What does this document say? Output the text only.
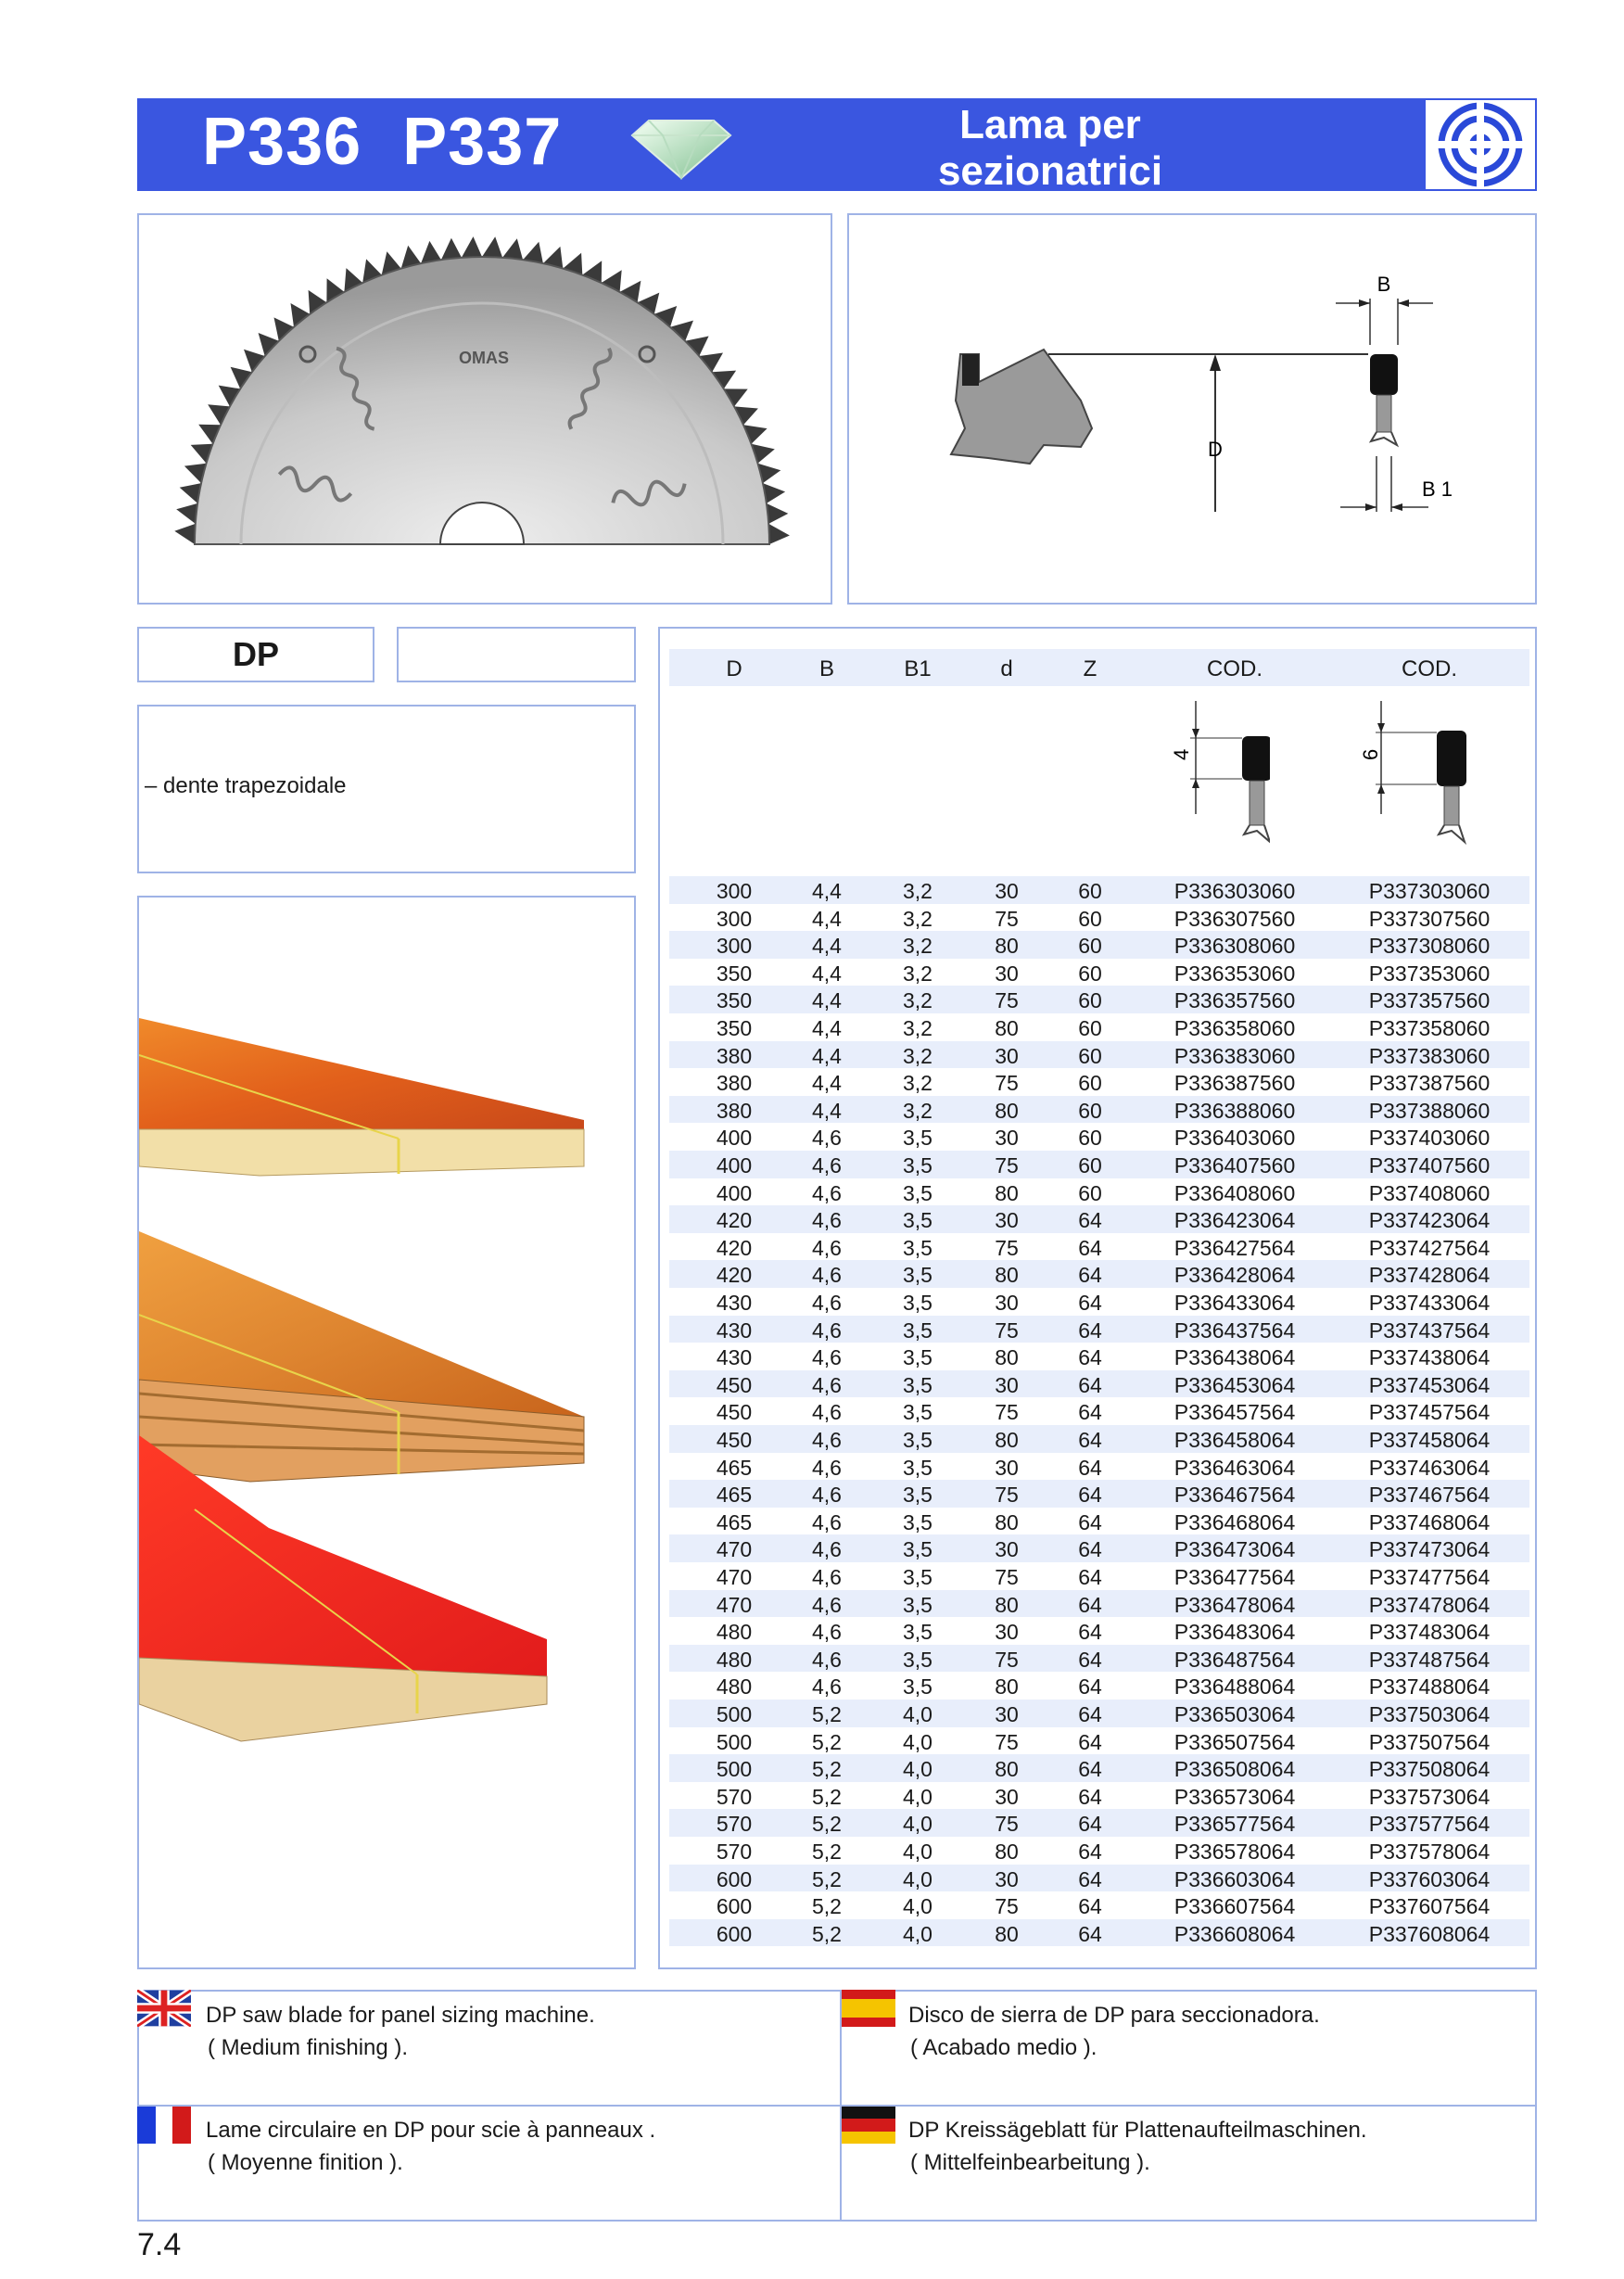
P336 P337	Lama per sezionatrici
OMAS
D
B
B 1
DP
– dente trapezoidale
D	B	B1	d	Z	COD.	COD.
4	6
300	4,4	3,2	30	60	P336303060	P337303060
300	4,4	3,2	75	60	P336307560	P337307560
300	4,4	3,2	80	60	P336308060	P337308060
350	4,4	3,2	30	60	P336353060	P337353060
350	4,4	3,2	75	60	P336357560	P337357560
350	4,4	3,2	80	60	P336358060	P337358060
380	4,4	3,2	30	60	P336383060	P337383060
380	4,4	3,2	75	60	P336387560	P337387560
380	4,4	3,2	80	60	P336388060	P337388060
400	4,6	3,5	30	60	P336403060	P337403060
400	4,6	3,5	75	60	P336407560	P337407560
400	4,6	3,5	80	60	P336408060	P337408060
420	4,6	3,5	30	64	P336423064	P337423064
420	4,6	3,5	75	64	P336427564	P337427564
420	4,6	3,5	80	64	P336428064	P337428064
430	4,6	3,5	30	64	P336433064	P337433064
430	4,6	3,5	75	64	P336437564	P337437564
430	4,6	3,5	80	64	P336438064	P337438064
450	4,6	3,5	30	64	P336453064	P337453064
450	4,6	3,5	75	64	P336457564	P337457564
450	4,6	3,5	80	64	P336458064	P337458064
465	4,6	3,5	30	64	P336463064	P337463064
465	4,6	3,5	75	64	P336467564	P337467564
465	4,6	3,5	80	64	P336468064	P337468064
470	4,6	3,5	30	64	P336473064	P337473064
470	4,6	3,5	75	64	P336477564	P337477564
470	4,6	3,5	80	64	P336478064	P337478064
480	4,6	3,5	30	64	P336483064	P337483064
480	4,6	3,5	75	64	P336487564	P337487564
480	4,6	3,5	80	64	P336488064	P337488064
500	5,2	4,0	30	64	P336503064	P337503064
500	5,2	4,0	75	64	P336507564	P337507564
500	5,2	4,0	80	64	P336508064	P337508064
570	5,2	4,0	30	64	P336573064	P337573064
570	5,2	4,0	75	64	P336577564	P337577564
570	5,2	4,0	80	64	P336578064	P337578064
600	5,2	4,0	30	64	P336603064	P337603064
600	5,2	4,0	75	64	P336607564	P337607564
600	5,2	4,0	80	64	P336608064	P337608064
DP saw blade for panel sizing machine.
( Medium finishing ).
Disco de sierra de DP para seccionadora.
( Acabado medio ).
Lame circulaire en DP pour scie à panneaux .
( Moyenne finition ).
DP Kreissägeblatt für Plattenaufteilmaschinen.
( Mittelfeinbearbeitung ).
7.4
